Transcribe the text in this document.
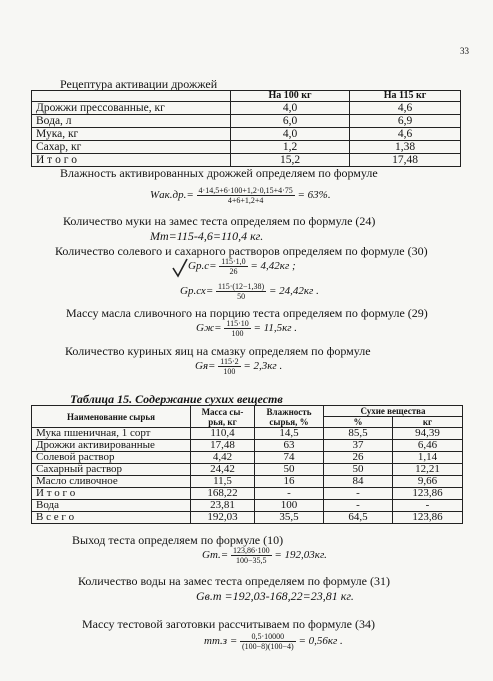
33
Рецептура активации дрожжей
	На 100 кг	На 115 кг
Дрожжи прессованные, кг	4,0	4,6
Вода, л	6,0	6,9
Мука, кг	4,0	4,6
Сахар, кг	1,2	1,38
И т о г о	15,2	17,48
Влажность активированных дрожжей определяем по формуле
$Wак.др.= \frac{4\cdot 14,5+6\cdot 100+1,2\cdot 0,15+4\cdot 75}{4+6+1,2+4} = 63\%$.
Количество муки на замес теста определяем по формуле (24)
Mm=115-4,6=110,4 кг.
Количество солевого и сахарного растворов определяем по формуле (30)
$Gр.с= \frac{115\cdot 1,0}{26} = 4,42кг$ ;
$Gр.сх= \frac{115\cdot(12-1,38)}{50} = 24,42кг$ .
Массу масла сливочного на порцию теста определяем по формуле (29)
$Gж= \frac{115\cdot 10}{100} = 11,5кг$ .
Количество куриных яиц на смазку определяем по формуле
$Gя= \frac{115\cdot 2}{100} = 2,3кг$ .
Таблица 15. Содержание сухих веществ
Наименование сырья	Масса сы-рья, кг	Влажность сырья, %	Сухие вещества	
			%	кг
Мука пшеничная, 1 сорт	110,4	14,5	85,5	94,39
Дрожжи активированные	17,48	63	37	6,46
Солевой раствор	4,42	74	26	1,14
Сахарный раствор	24,42	50	50	12,21
Масло сливочное	11,5	16	84	9,66
И т о г о	168,22	-	-	123,86
Вода	23,81	100	-	-
В с е г о	192,03	35,5	64,5	123,86
Выход теста определяем по формуле (10)
$Gт.= \frac{123,86\cdot 100}{100-35,5} = 192,03кг$.
Количество воды на замес теста определяем по формуле (31)
Gв.т =192,03-168,22=23,81 кг.
Массу тестовой заготовки рассчитываем по формуле (34)
$mт.з = \frac{0,5\cdot 10000}{(100-8)(100-4)} = 0,56кг$ .
